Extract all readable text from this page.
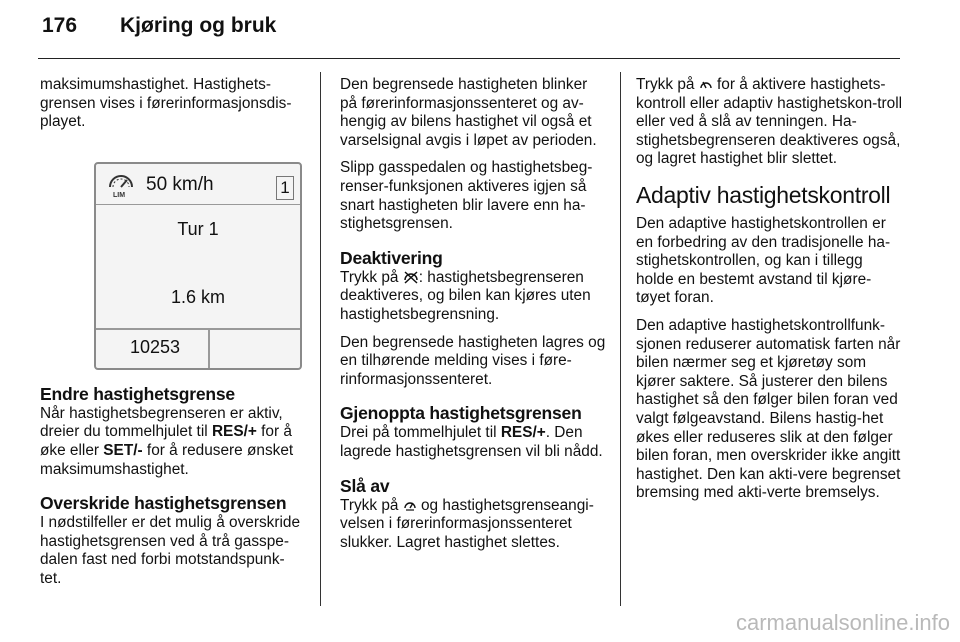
176 Kjøring og bruk

maksimumshastighet. Hastighets-grensen vises i førerinformasjonsdis-playet.

LIM
50 km/h	1
Tur 1
1.6 km
10253
Endre hastighetsgrense

Når hastighetsbegrenseren er aktiv, dreier du tommelhjulet til RES/+ for å øke eller SET/- for å redusere ønsket maksimumshastighet.

Overskride hastighetsgrensen

I nødstilfeller er det mulig å overskride hastighetsgrensen ved å trå gasspe-dalen fast ned forbi motstandspunk-tet.

Den begrensede hastigheten blinker på førerinformasjonssenteret og av-hengig av bilens hastighet vil også et varselsignal avgis i løpet av perioden.

Slipp gasspedalen og hastighetsbeg-renser-funksjonen aktiveres igjen så snart hastigheten blir lavere enn ha-stighetsgrensen.

Deaktivering

Trykk på : hastighetsbegrenseren deaktiveres, og bilen kan kjøres uten hastighetsbegrensning.

Den begrensede hastigheten lagres og en tilhørende melding vises i føre-rinformasjonssenteret.

Gjenoppta hastighetsgrensen

Drei på tommelhjulet til RES/+. Den lagrede hastighetsgrensen vil bli nådd.

Slå av

Trykk på  og hastighetsgrenseangi-velsen i førerinformasjonssenteret slukker. Lagret hastighet slettes.

Trykk på  for å aktivere hastighets-kontroll eller adaptiv hastighetskon-troll eller ved å slå av tenningen. Ha-stighetsbegrenseren deaktiveres også, og lagret hastighet blir slettet.

Adaptiv hastighetskontroll

Den adaptive hastighetskontrollen er en forbedring av den tradisjonelle ha-stighetskontrollen, og kan i tillegg holde en bestemt avstand til kjøre-tøyet foran.

Den adaptive hastighetskontrollfunk-sjonen reduserer automatisk farten når bilen nærmer seg et kjøretøy som kjører saktere. Så justerer den bilens hastighet så den følger bilen foran ved valgt følgeavstand. Bilens hastig-het økes eller reduseres slik at den følger bilen foran, men overskrider ikke angitt hastighet. Den kan akti-vere begrenset bremsing med akti-verte bremselys.

carmanualsonline.info
